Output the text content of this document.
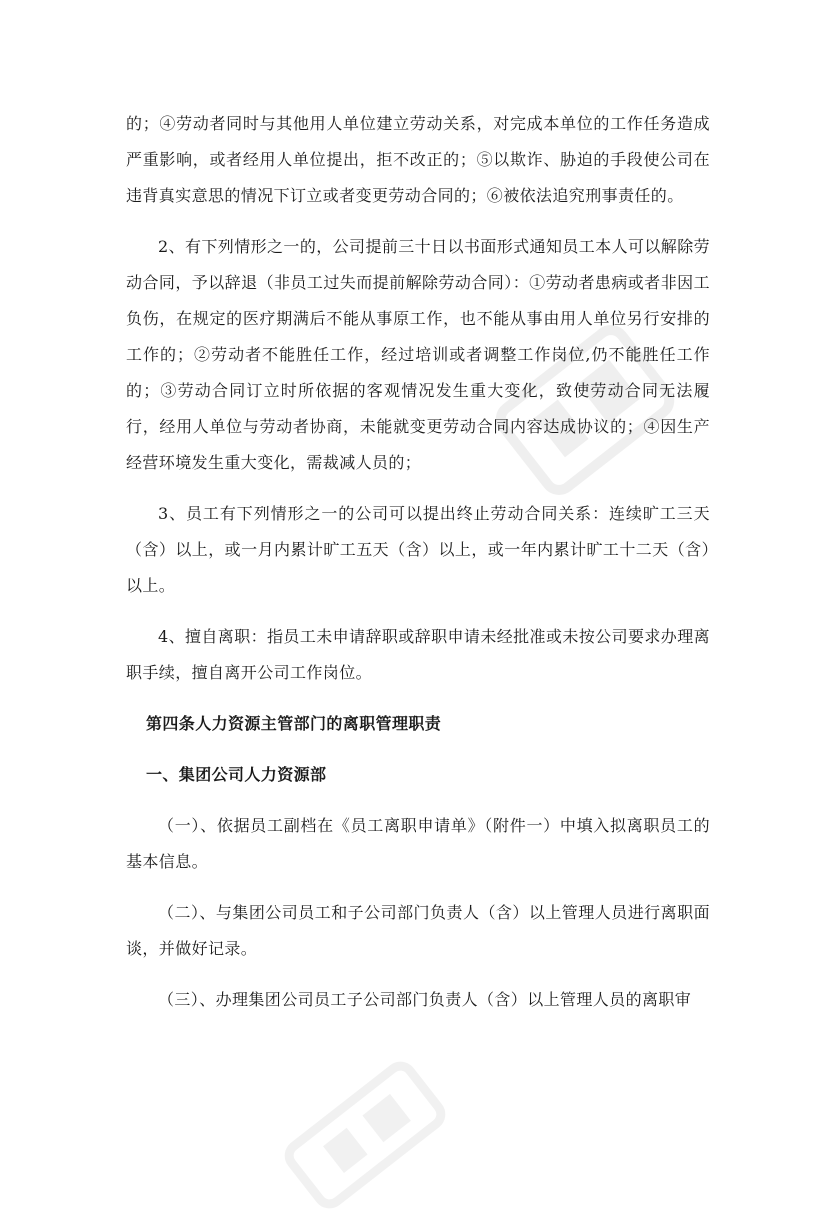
的；④劳动者同时与其他用人单位建立劳动关系，对完成本单位的工作任务造成严重影响，或者经用人单位提出，拒不改正的；⑤以欺诈、胁迫的手段使公司在违背真实意思的情况下订立或者变更劳动合同的；⑥被依法追究刑事责任的。

2、有下列情形之一的，公司提前三十日以书面形式通知员工本人可以解除劳动合同，予以辞退（非员工过失而提前解除劳动合同）：①劳动者患病或者非因工负伤，在规定的医疗期满后不能从事原工作，也不能从事由用人单位另行安排的工作的；②劳动者不能胜任工作，经过培训或者调整工作岗位,仍不能胜任工作的；③劳动合同订立时所依据的客观情况发生重大变化，致使劳动合同无法履行，经用人单位与劳动者协商，未能就变更劳动合同内容达成协议的；④因生产经营环境发生重大变化，需裁减人员的；

3、员工有下列情形之一的公司可以提出终止劳动合同关系：连续旷工三天（含）以上，或一月内累计旷工五天（含）以上，或一年内累计旷工十二天（含）以上。

4、擅自离职：指员工未申请辞职或辞职申请未经批准或未按公司要求办理离职手续，擅自离开公司工作岗位。

第四条人力资源主管部门的离职管理职责

一、集团公司人力资源部

（一）、依据员工副档在《员工离职申请单》（附件一）中填入拟离职员工的基本信息。

（二）、与集团公司员工和子公司部门负责人（含）以上管理人员进行离职面谈，并做好记录。

（三）、办理集团公司员工子公司部门负责人（含）以上管理人员的离职审
